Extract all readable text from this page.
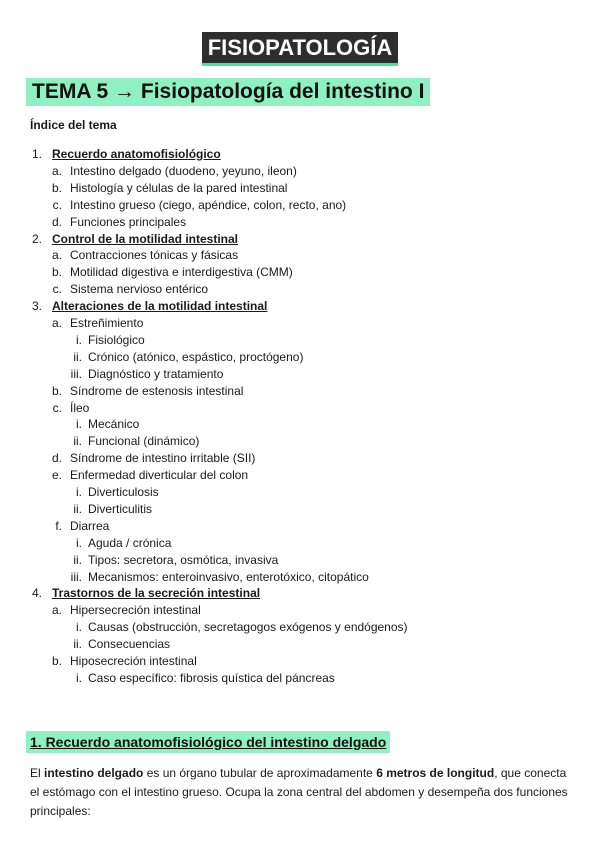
FISIOPATOLOGÍA
TEMA 5 → Fisiopatología del intestino I
Índice del tema
1. Recuerdo anatomofisiológico
a. Intestino delgado (duodeno, yeyuno, ileon)
b. Histología y células de la pared intestinal
c. Intestino grueso (ciego, apéndice, colon, recto, ano)
d. Funciones principales
2. Control de la motilidad intestinal
a. Contracciones tónicas y fásicas
b. Motilidad digestiva e interdigestiva (CMM)
c. Sistema nervioso entérico
3. Alteraciones de la motilidad intestinal
a. Estreñimiento
i. Fisiológico
ii. Crónico (atónico, espástico, proctógeno)
iii. Diagnóstico y tratamiento
b. Síndrome de estenosis intestinal
c. Íleo
i. Mecánico
ii. Funcional (dinámico)
d. Síndrome de intestino irritable (SII)
e. Enfermedad diverticular del colon
i. Diverticulosis
ii. Diverticulitis
f. Diarrea
i. Aguda / crónica
ii. Tipos: secretora, osmótica, invasiva
iii. Mecanismos: enteroinvasivo, enterotóxico, citopático
4. Trastornos de la secreción intestinal
a. Hipersecreción intestinal
i. Causas (obstrucción, secretagogos exógenos y endógenos)
ii. Consecuencias
b. Hiposecreción intestinal
i. Caso específico: fibrosis quística del páncreas
1. Recuerdo anatomofisiológico del intestino delgado
El intestino delgado es un órgano tubular de aproximadamente 6 metros de longitud, que conecta el estómago con el intestino grueso. Ocupa la zona central del abdomen y desempeña dos funciones principales:
